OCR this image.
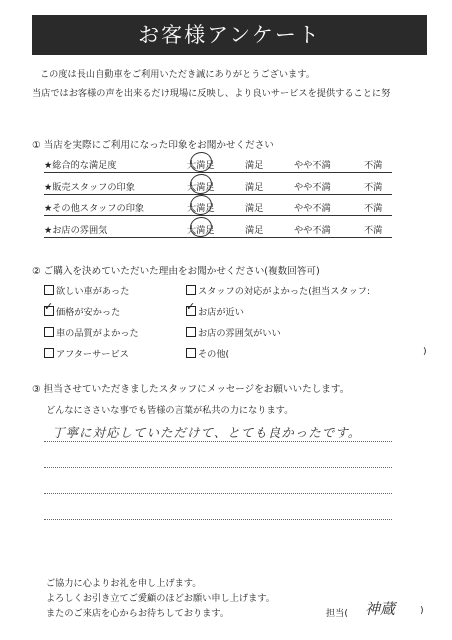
お客様アンケート
この度は長山自動車をご利用いただき誠にありがとうございます。
当店ではお客様の声を出来るだけ現場に反映し、より良いサービスを提供することに努
① 当店を実際にご利用になった印象をお聞かせください
★総合的な満足度	大満足	満足	やや不満	不満
★販売スタッフの印象	大満足	満足	やや不満	不満
★その他スタッフの印象	大満足	満足	やや不満	不満
★お店の雰囲気	大満足	満足	やや不満	不満
② ご購入を決めていただいた理由をお聞かせください(複数回答可)
欲しい車があった	スタッフの対応がよかった(担当スタッフ:
✓ 価格が安かった	✓ お店が近い
車の品質がよかった	お店の雰囲気がいい
アフターサービス	その他(	)
③ 担当させていただきましたスタッフにメッセージをお願いいたします。
どんなにささいな事でも皆様の言葉が私共の力になります。
丁寧に対応していただけて、とても良かったです。
ご協力に心よりお礼を申し上げます。
よろしくお引き立てご愛顧のほどお願い申し上げます。
またのご来店を心からお待ちしております。	担当( 神蔵	)
